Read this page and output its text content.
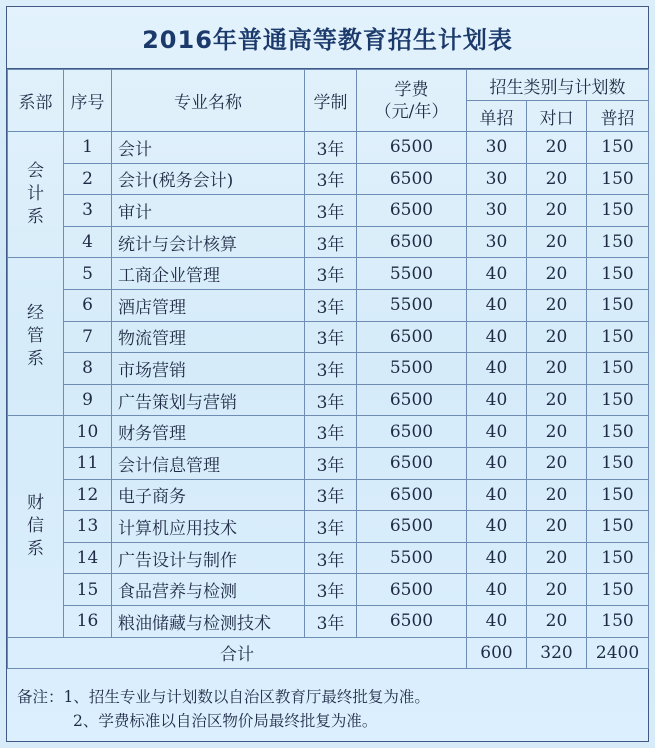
2016年普通高等教育招生计划表
系部	序号	专业名称	学制	学费
（元/年）	招生类别与计划数		
					单招	对口	普招

会
计
系	1	会计	3年	6500	30	20	150
	2	会计(税务会计)	3年	6500	30	20	150
	3	审计	3年	6500	30	20	150
	4	统计与会计核算	3年	6500	30	20	150

经
管
系	5	工商企业管理	3年	5500	40	20	150
	6	酒店管理	3年	5500	40	20	150
	7	物流管理	3年	6500	40	20	150
	8	市场营销	3年	5500	40	20	150
	9	广告策划与营销	3年	6500	40	20	150

财
信
系	10	财务管理	3年	6500	40	20	150
	11	会计信息管理	3年	6500	40	20	150
	12	电子商务	3年	6500	40	20	150
	13	计算机应用技术	3年	6500	40	20	150
	14	广告设计与制作	3年	5500	40	20	150
	15	食品营养与检测	3年	6500	40	20	150
	16	粮油储藏与检测技术	3年	6500	40	20	150
合计					600	320	2400
备注：1、招生专业与计划数以自治区教育厅最终批复为准。
2、学费标准以自治区物价局最终批复为准。
